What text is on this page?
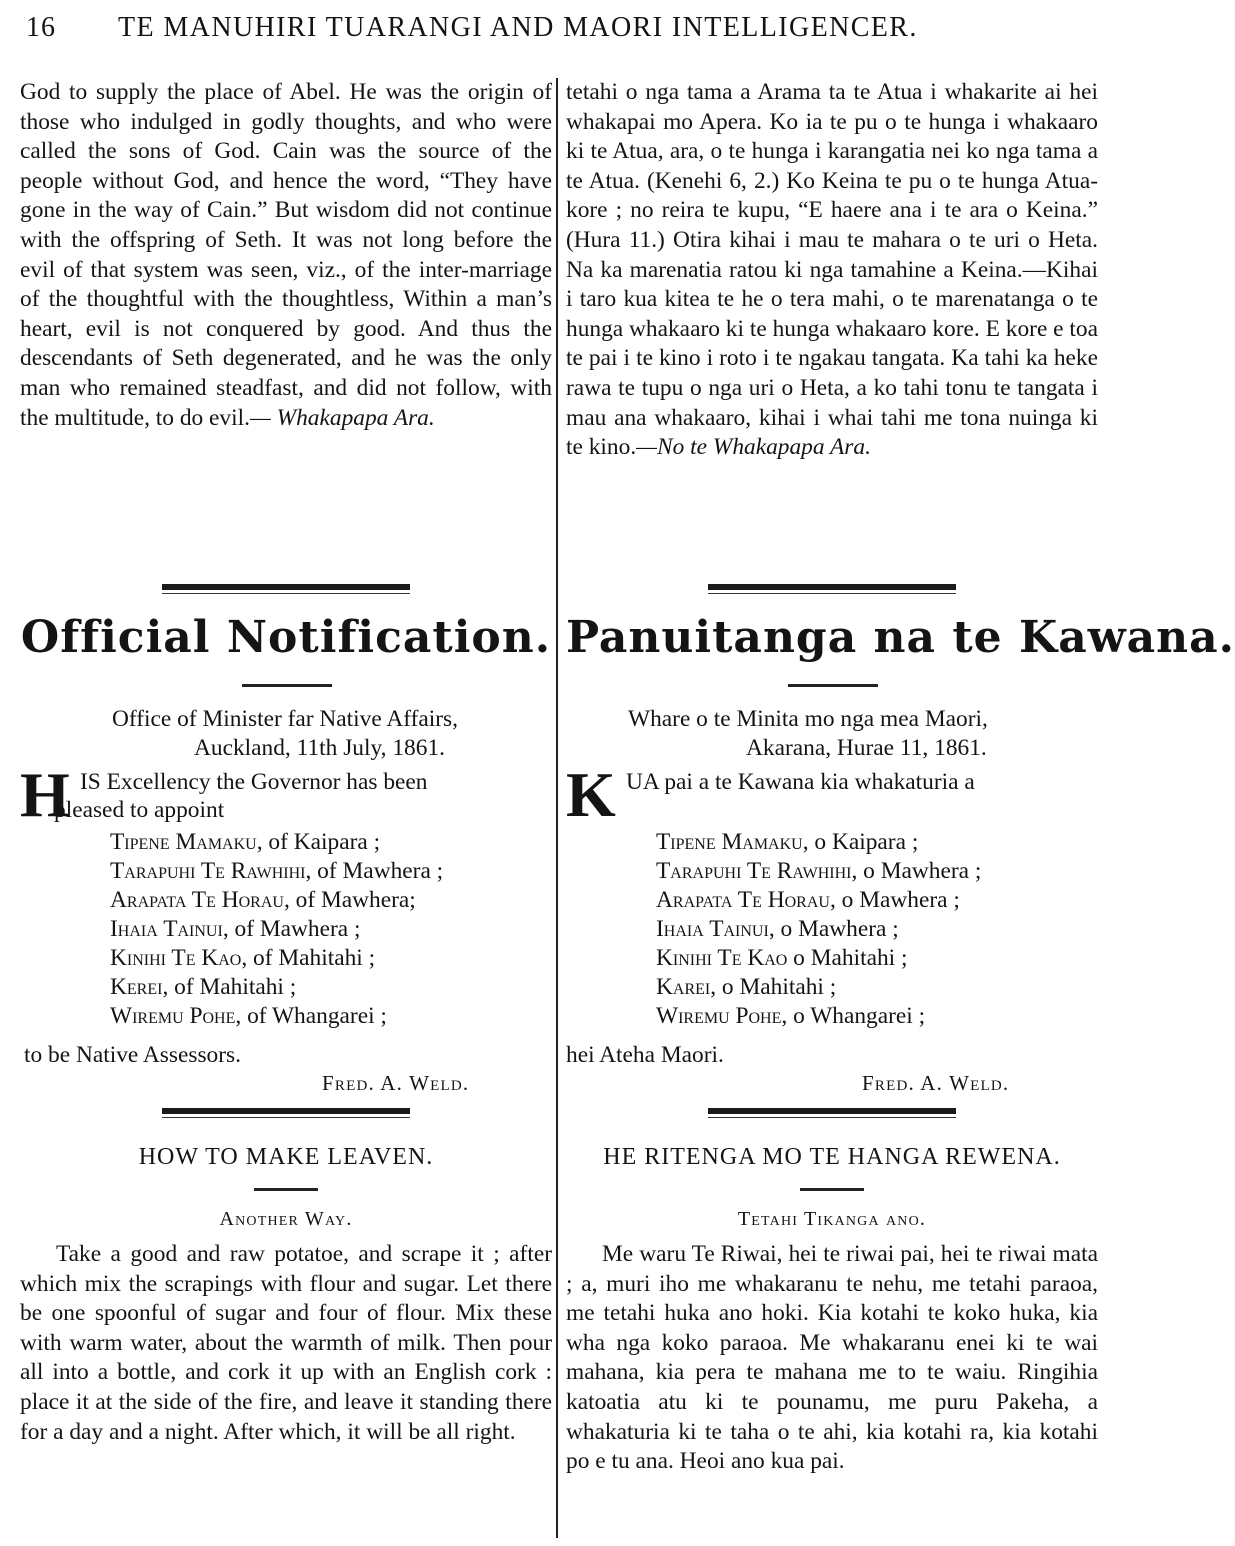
16 TE MANUHIRI TUARANGI AND MAORI INTELLIGENCER.

God to supply the place of Abel. He was the origin of those who indulged in godly thoughts, and who were called the sons of God. Cain was the source of the people without God, and hence the word, “They have gone in the way of Cain.” But wisdom did not continue with the offspring of Seth. It was not long before the evil of that system was seen, viz., of the inter-marriage of the thoughtful with the thoughtless, Within a man’s heart, evil is not conquered by good. And thus the descendants of Seth degenerated, and he was the only man who remained steadfast, and did not follow, with the multitude, to do evil.— Whakapapa Ara.

Official Notification.
Office of Minister far Native Affairs,
Auckland, 11th July, 1861.
H IS Excellency the Governor has been
pleased to appoint
Tipene Mamaku, of Kaipara ;
Tarapuhi Te Rawhihi, of Mawhera ;
Arapata Te Horau, of Mawhera;
Ihaia Tainui, of Mawhera ;
Kinihi Te Kao, of Mahitahi ;
Kerei, of Mahitahi ;
Wiremu Pohe, of Whangarei ;
to be Native Assessors.
Fred. A. Weld.
HOW TO MAKE LEAVEN.
Another Way.

Take a good and raw potatoe, and scrape it ; after which mix the scrapings with flour and sugar. Let there be one spoonful of sugar and four of flour. Mix these with warm water, about the warmth of milk. Then pour all into a bottle, and cork it up with an English cork : place it at the side of the fire, and leave it standing there for a day and a night. After which, it will be all right.

tetahi o nga tama a Arama ta te Atua i whakarite ai hei whakapai mo Apera. Ko ia te pu o te hunga i whakaaro ki te Atua, ara, o te hunga i karangatia nei ko nga tama a te Atua. (Kenehi 6, 2.) Ko Keina te pu o te hunga Atua-kore ; no reira te kupu, “E haere ana i te ara o Keina.” (Hura 11.) Otira kihai i mau te mahara o te uri o Heta. Na ka marenatia ratou ki nga tamahine a Keina.—Kihai i taro kua kitea te he o tera mahi, o te marenatanga o te hunga whakaaro ki te hunga whakaaro kore. E kore e toa te pai i te kino i roto i te ngakau tangata. Ka tahi ka heke rawa te tupu o nga uri o Heta, a ko tahi tonu te tangata i mau ana whakaaro, kihai i whai tahi me tona nuinga ki te kino.—No te Whakapapa Ara.

Panuitanga na te Kawana.
Whare o te Minita mo nga mea Maori,
Akarana, Hurae 11, 1861.
K UA pai a te Kawana kia whakaturia a
Tipene Mamaku, o Kaipara ;
Tarapuhi Te Rawhihi, o Mawhera ;
Arapata Te Horau, o Mawhera ;
Ihaia Tainui, o Mawhera ;
Kinihi Te Kao o Mahitahi ;
Karei, o Mahitahi ;
Wiremu Pohe, o Whangarei ;
hei Ateha Maori.
Fred. A. Weld.
HE RITENGA MO TE HANGA REWENA.
Tetahi Tikanga ano.

Me waru Te Riwai, hei te riwai pai, hei te riwai mata ; a, muri iho me whakaranu te nehu, me tetahi paraoa, me tetahi huka ano hoki. Kia kotahi te koko huka, kia wha nga koko paraoa. Me whakaranu enei ki te wai mahana, kia pera te mahana me to te waiu. Ringihia katoatia atu ki te pounamu, me puru Pakeha, a whakaturia ki te taha o te ahi, kia kotahi ra, kia kotahi po e tu ana. Heoi ano kua pai.
